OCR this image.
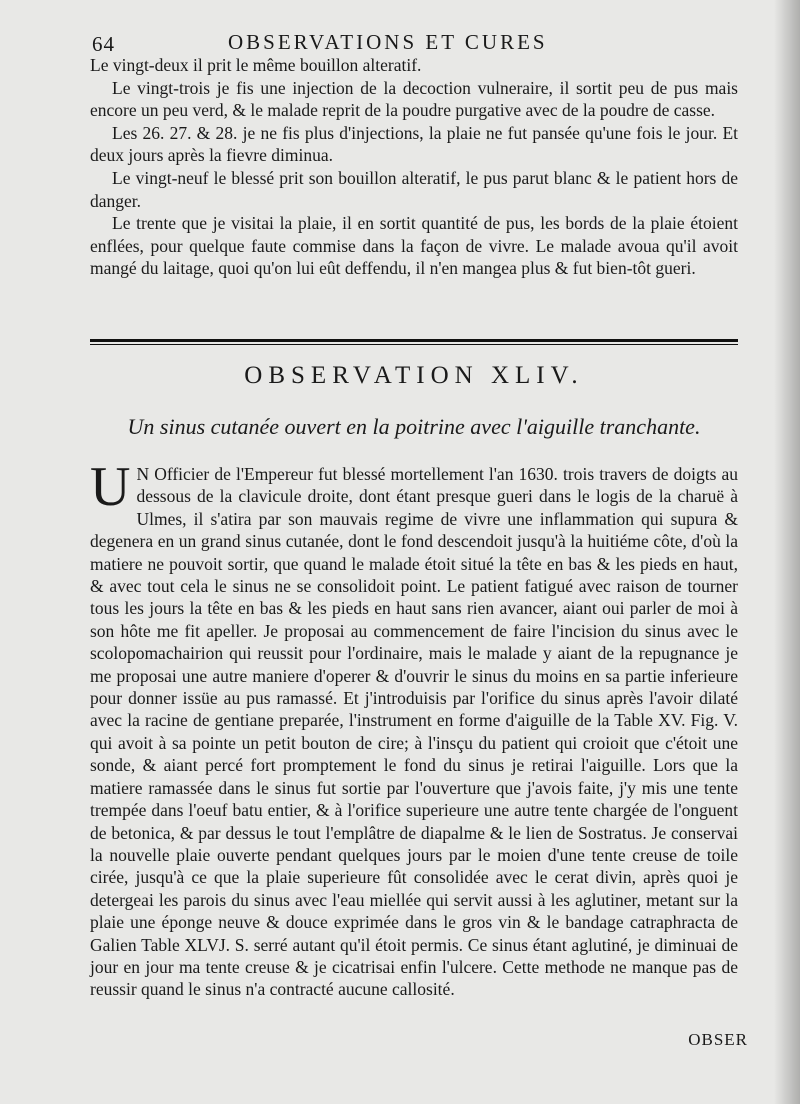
64	OBSERVATIONS ET CURES

Le vingt-deux il prit le même bouillon alteratif.

Le vingt-trois je fis une injection de la decoction vulneraire, il sortit peu de pus mais encore un peu verd, & le malade reprit de la poudre purgative avec de la poudre de casse.

Les 26. 27. & 28. je ne fis plus d'injections, la plaie ne fut pansée qu'une fois le jour. Et deux jours après la fievre diminua.

Le vingt-neuf le blessé prit son bouillon alteratif, le pus parut blanc & le patient hors de danger.

Le trente que je visitai la plaie, il en sortit quantité de pus, les bords de la plaie étoient enflées, pour quelque faute commise dans la façon de vivre. Le malade avoua qu'il avoit mangé du laitage, quoi qu'on lui eût deffendu, il n'en mangea plus & fut bien-tôt gueri.

OBSERVATION XLIV.
Un sinus cutanée ouvert en la poitrine avec l'aiguille tranchante.

U N Officier de l'Empereur fut blessé mortellement l'an 1630. trois travers de doigts au dessous de la clavicule droite, dont étant presque gueri dans le logis de la charuë à Ulmes, il s'atira par son mauvais regime de vivre une inflammation qui supura & degenera en un grand sinus cutanée, dont le fond descendoit jusqu'à la huitiéme côte, d'où la matiere ne pouvoit sortir, que quand le malade étoit situé la tête en bas & les pieds en haut, & avec tout cela le sinus ne se consolidoit point. Le patient fatigué avec raison de tourner tous les jours la tête en bas & les pieds en haut sans rien avancer, aiant oui parler de moi à son hôte me fit apeller. Je proposai au commencement de faire l'incision du sinus avec le scolopomachairion qui reussit pour l'ordinaire, mais le malade y aiant de la repugnance je me proposai une autre maniere d'operer & d'ouvrir le sinus du moins en sa partie inferieure pour donner issüe au pus ramassé. Et j'introduisis par l'orifice du sinus après l'avoir dilaté avec la racine de gentiane preparée, l'instrument en forme d'aiguille de la Table XV. Fig. V. qui avoit à sa pointe un petit bouton de cire; à l'insçu du patient qui croioit que c'étoit une sonde, & aiant percé fort promptement le fond du sinus je retirai l'aiguille. Lors que la matiere ramassée dans le sinus fut sortie par l'ouverture que j'avois faite, j'y mis une tente trempée dans l'oeuf batu entier, & à l'orifice superieure une autre tente chargée de l'onguent de betonica, & par dessus le tout l'emplâtre de diapalme & le lien de Sostratus. Je conservai la nouvelle plaie ouverte pendant quelques jours par le moien d'une tente creuse de toile cirée, jusqu'à ce que la plaie superieure fût consolidée avec le cerat divin, après quoi je detergeai les parois du sinus avec l'eau miellée qui servit aussi à les aglutiner, metant sur la plaie une éponge neuve & douce exprimée dans le gros vin & le bandage catraphracta de Galien Table XLVJ. S. serré autant qu'il étoit permis. Ce sinus étant aglutiné, je diminuai de jour en jour ma tente creuse & je cicatrisai enfin l'ulcere. Cette methode ne manque pas de reussir quand le sinus n'a contracté aucune callosité.

OBSER
